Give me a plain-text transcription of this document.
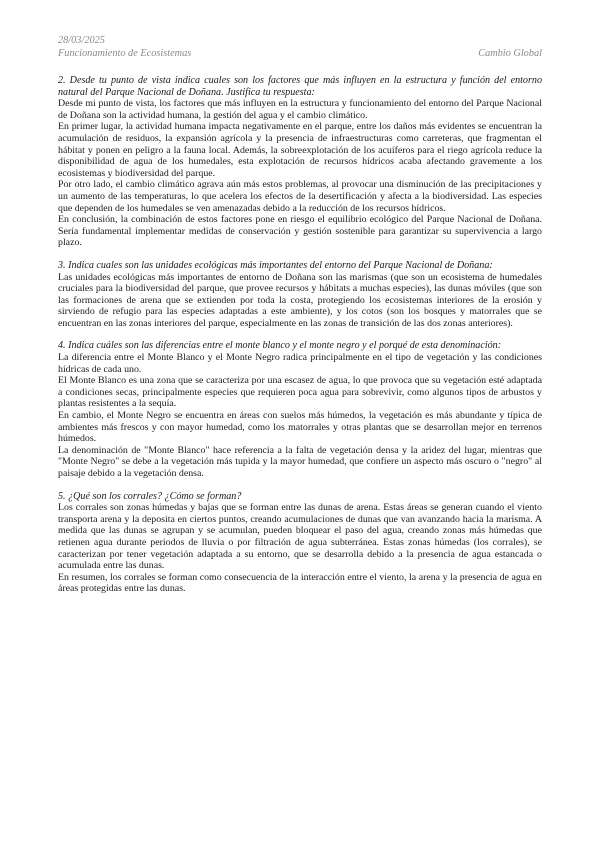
28/03/2025
Funcionamiento de Ecosistemas	Cambio Global

2. Desde tu punto de vista indica cuales son los factores que más influyen en la estructura y función del entorno natural del Parque Nacional de Doñana. Justifica tu respuesta:

Desde mi punto de vista, los factores que más influyen en la estructura y funcionamiento del entorno del Parque Nacional de Doñana son la actividad humana, la gestión del agua y el cambio climático.

En primer lugar, la actividad humana impacta negativamente en el parque, entre los daños más evidentes se encuentran la acumulación de residuos, la expansión agrícola y la presencia de infraestructuras como carreteras, que fragmentan el hábitat y ponen en peligro a la fauna local. Además, la sobreexplotación de los acuíferos para el riego agrícola reduce la disponibilidad de agua de los humedales, esta explotación de recursos hídricos acaba afectando gravemente a los ecosistemas y biodiversidad del parque.

Por otro lado, el cambio climático agrava aún más estos problemas, al provocar una disminución de las precipitaciones y un aumento de las temperaturas, lo que acelera los efectos de la desertificación y afecta a la biodiversidad. Las especies que dependen de los humedales se ven amenazadas debido a la reducción de los recursos hídricos.

En conclusión, la combinación de estos factores pone en riesgo el equilibrio ecológico del Parque Nacional de Doñana. Sería fundamental implementar medidas de conservación y gestión sostenible para garantizar su supervivencia a largo plazo.

3. Indica cuales son las unidades ecológicas más importantes del entorno del Parque Nacional de Doñana:

Las unidades ecológicas más importantes de entorno de Doñana son las marismas (que son un ecosistema de humedales cruciales para la biodiversidad del parque, que provee recursos y hábitats a muchas especies), las dunas móviles (que son las formaciones de arena que se extienden por toda la costa, protegiendo los ecosistemas interiores de la erosión y sirviendo de refugio para las especies adaptadas a este ambiente), y los cotos (son los bosques y matorrales que se encuentran en las zonas interiores del parque, especialmente en las zonas de transición de las dos zonas anteriores).

4. Indica cuáles son las diferencias entre el monte blanco y el monte negro y el porqué de esta denominación:

La diferencia entre el Monte Blanco y el Monte Negro radica principalmente en el tipo de vegetación y las condiciones hídricas de cada uno.

El Monte Blanco es una zona que se caracteriza por una escasez de agua, lo que provoca que su vegetación esté adaptada a condiciones secas, principalmente especies que requieren poca agua para sobrevivir, como algunos tipos de arbustos y plantas resistentes a la sequía.

En cambio, el Monte Negro se encuentra en áreas con suelos más húmedos, la vegetación es más abundante y típica de ambientes más frescos y con mayor humedad, como los matorrales y otras plantas que se desarrollan mejor en terrenos húmedos.

La denominación de "Monte Blanco" hace referencia a la falta de vegetación densa y la aridez del lugar, mientras que "Monte Negro" se debe a la vegetación más tupida y la mayor humedad, que confiere un aspecto más oscuro o "negro" al paisaje debido a la vegetación densa.

5. ¿Qué son los corrales? ¿Cómo se forman?

Los corrales son zonas húmedas y bajas que se forman entre las dunas de arena. Estas áreas se generan cuando el viento transporta arena y la deposita en ciertos puntos, creando acumulaciones de dunas que van avanzando hacia la marisma. A medida que las dunas se agrupan y se acumulan, pueden bloquear el paso del agua, creando zonas más húmedas que retienen agua durante periodos de lluvia o por filtración de agua subterránea. Estas zonas húmedas (los corrales), se caracterizan por tener vegetación adaptada a su entorno, que se desarrolla debido a la presencia de agua estancada o acumulada entre las dunas.

En resumen, los corrales se forman como consecuencia de la interacción entre el viento, la arena y la presencia de agua en áreas protegidas entre las dunas.
